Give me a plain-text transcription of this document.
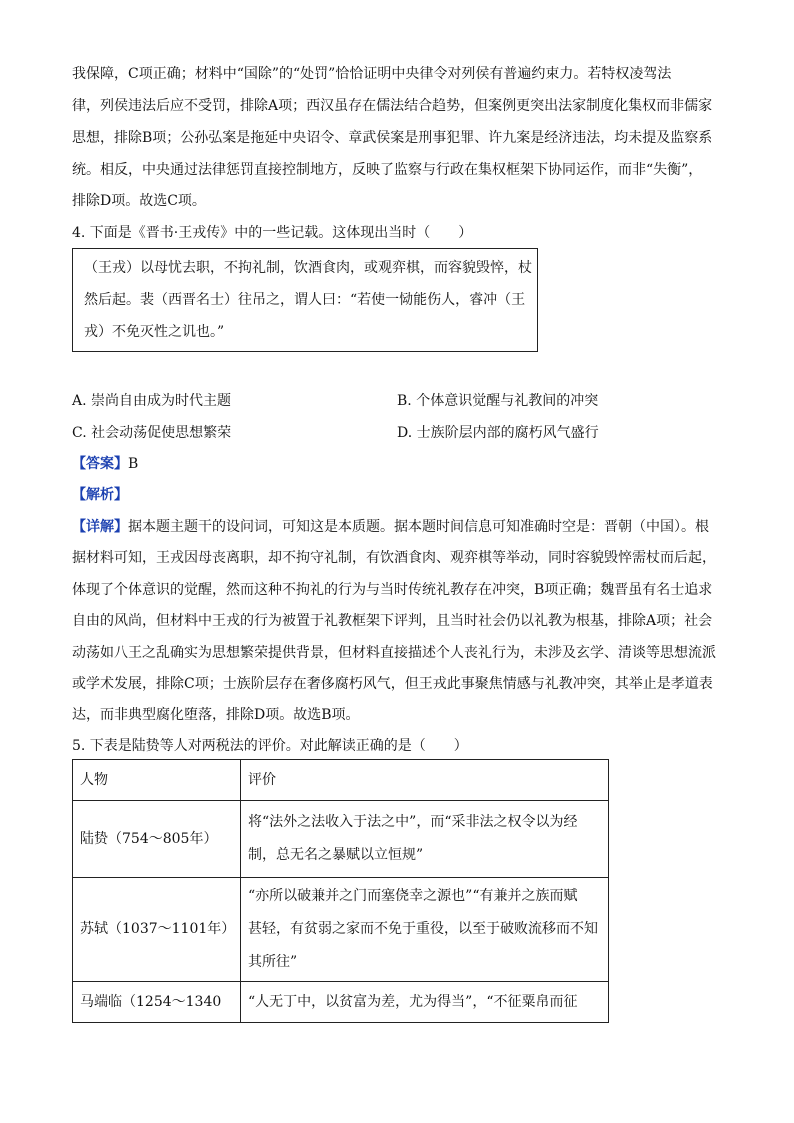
我保障，C项正确；材料中“国除”的“处罚”恰恰证明中央律令对列侯有普遍约束力。若特权凌驾法
律，列侯违法后应不受罚，排除A项；西汉虽存在儒法结合趋势，但案例更突出法家制度化集权而非儒家
思想，排除B项；公孙弘案是拖延中央诏令、章武侯案是刑事犯罪、许九案是经济违法，均未提及监察系
统。相反，中央通过法律惩罚直接控制地方，反映了监察与行政在集权框架下协同运作，而非“失衡”，
排除D项。故选C项。
4. 下面是《晋书·王戎传》中的一些记载。这体现出当时（　　）
（王戎）以母忧去职，不拘礼制，饮酒食肉，或观弈棋，而容貌毁悴，杖
然后起。裴（西晋名士）往吊之，谓人曰：“若使一恸能伤人，睿冲（王
戎）不免灭性之讥也。”
A. 崇尚自由成为时代主题	B. 个体意识觉醒与礼教间的冲突
C. 社会动荡促使思想繁荣	D. 士族阶层内部的腐朽风气盛行
【答案】B
【解析】
【详解】据本题主题干的设问词，可知这是本质题。据本题时间信息可知准确时空是：晋朝（中国）。根
据材料可知，王戎因母丧离职，却不拘守礼制，有饮酒食肉、观弈棋等举动，同时容貌毁悴需杖而后起，
体现了个体意识的觉醒，然而这种不拘礼的行为与当时传统礼教存在冲突，B项正确；魏晋虽有名士追求
自由的风尚，但材料中王戎的行为被置于礼教框架下评判，且当时社会仍以礼教为根基，排除A项；社会
动荡如八王之乱确实为思想繁荣提供背景，但材料直接描述个人丧礼行为，未涉及玄学、清谈等思想流派
或学术发展，排除C项；士族阶层存在奢侈腐朽风气，但王戎此事聚焦情感与礼教冲突，其举止是孝道表
达，而非典型腐化堕落，排除D项。故选B项。
5. 下表是陆贽等人对两税法的评价。对此解读正确的是（　　）
人物	评价
陆贽（754～805年）	将“法外之法收入于法之中”，而“采非法之权令以为经
制，总无名之暴赋以立恒规”

苏轼（1037～1101年）	“亦所以破兼并之门而塞侥幸之源也”“有兼并之族而赋
甚轻，有贫弱之家而不免于重役，以至于破败流移而不知
其所往”

马端临（1254～1340	“人无丁中，以贫富为差，尤为得当”，“不征粟帛而征
